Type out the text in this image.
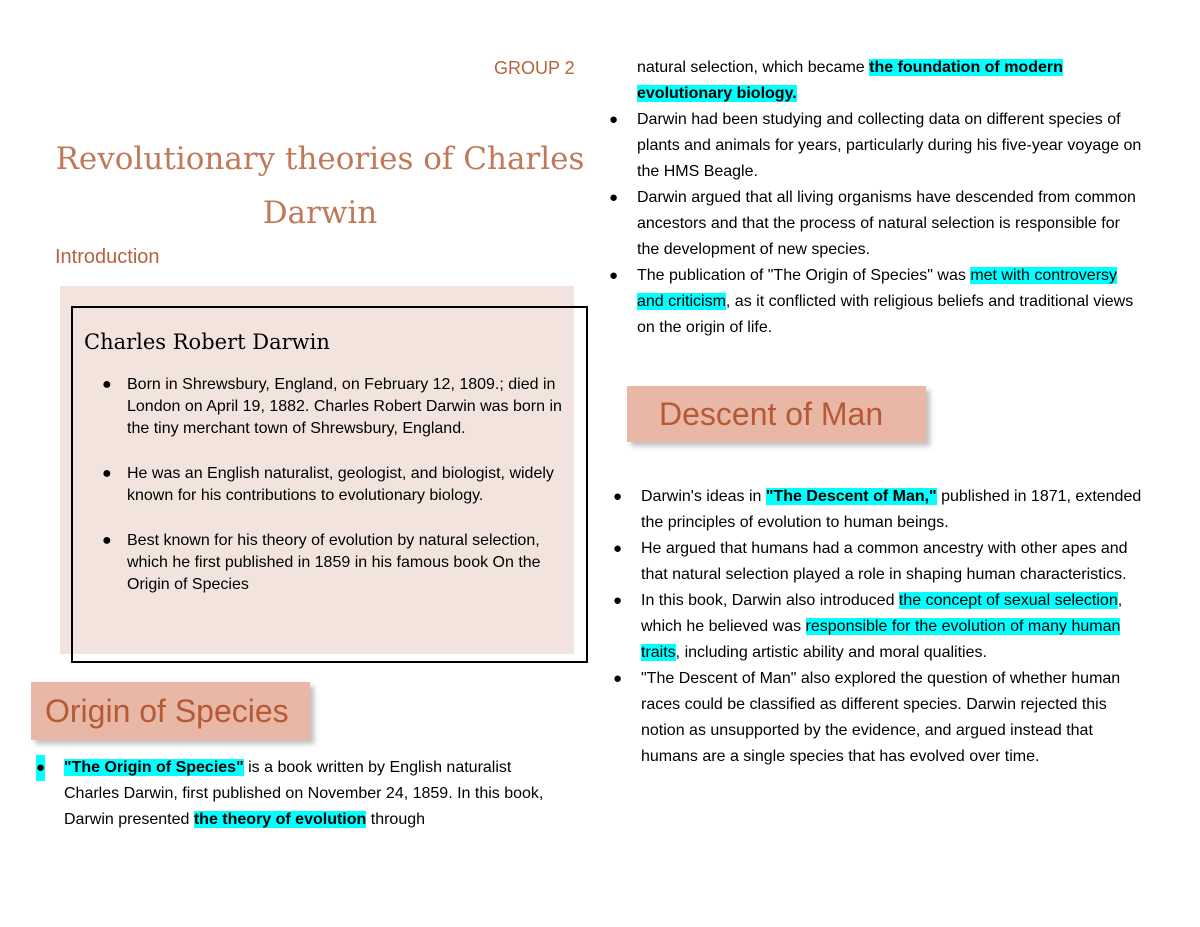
GROUP 2
Revolutionary theories of Charles
Darwin
Introduction
Charles Robert Darwin
● Born in Shrewsbury, England, on February 12, 1809.; died in London on April 19, 1882. Charles Robert Darwin was born in the tiny merchant town of Shrewsbury, England.
● He was an English naturalist, geologist, and biologist, widely known for his contributions to evolutionary biology.
● Best known for his theory of evolution by natural selection, which he first published in 1859 in his famous book On the Origin of Species
Origin of Species
● "The Origin of Species" is a book written by English naturalist Charles Darwin, first published on November 24, 1859. In this book, Darwin presented the theory of evolution through
natural selection, which became the foundation of modern evolutionary biology.
● Darwin had been studying and collecting data on different species of plants and animals for years, particularly during his five-year voyage on the HMS Beagle.
● Darwin argued that all living organisms have descended from common ancestors and that the process of natural selection is responsible for the development of new species.
● The publication of "The Origin of Species" was met with controversy and criticism, as it conflicted with religious beliefs and traditional views on the origin of life.
Descent of Man
● Darwin's ideas in "The Descent of Man," published in 1871, extended the principles of evolution to human beings.
● He argued that humans had a common ancestry with other apes and that natural selection played a role in shaping human characteristics.
● In this book, Darwin also introduced the concept of sexual selection, which he believed was responsible for the evolution of many human traits, including artistic ability and moral qualities.
● "The Descent of Man" also explored the question of whether human races could be classified as different species. Darwin rejected this notion as unsupported by the evidence, and argued instead that humans are a single species that has evolved over time.
